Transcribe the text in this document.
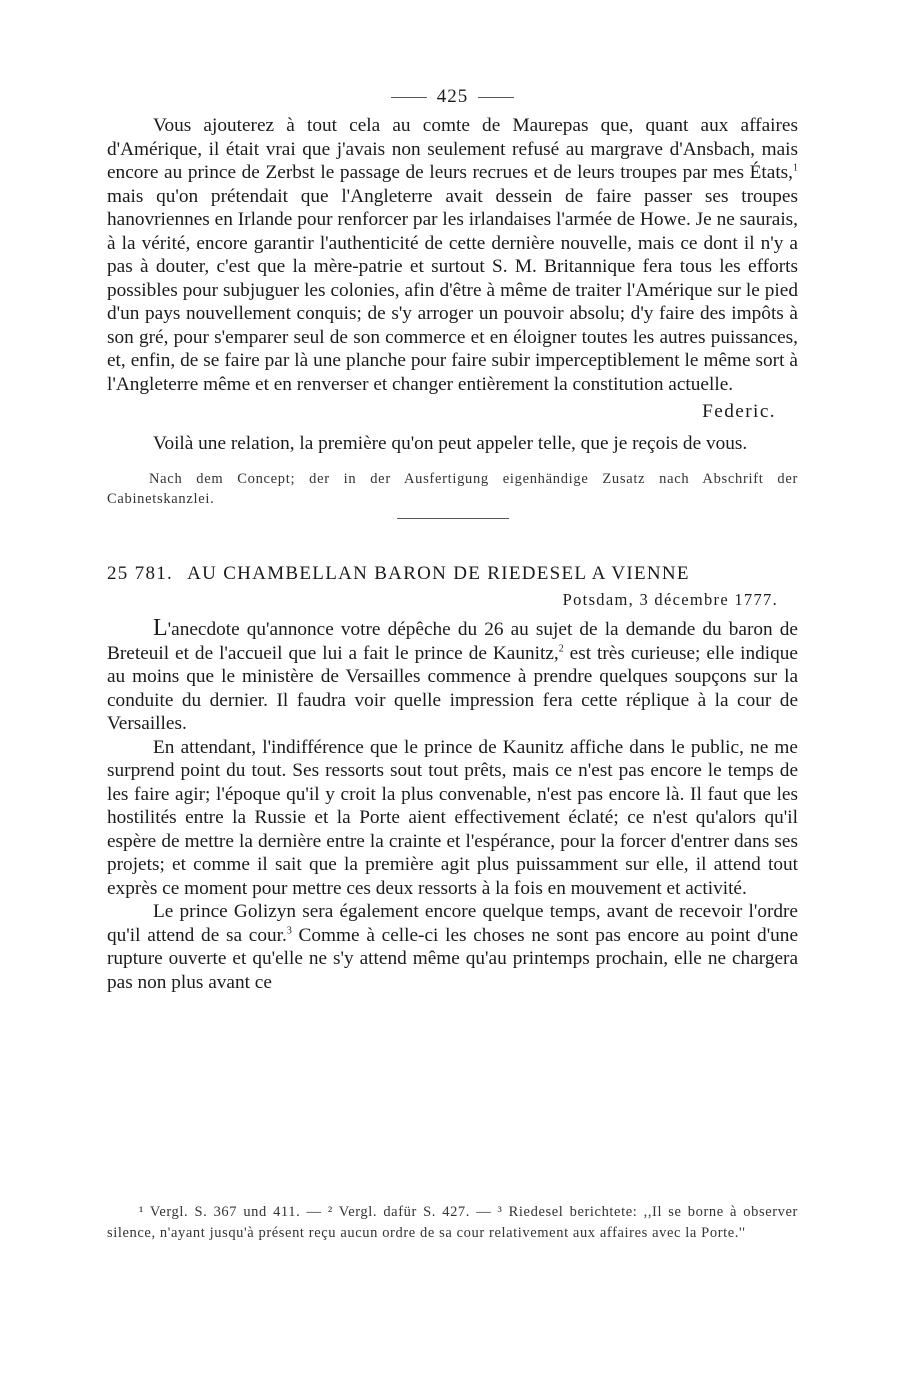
425

Vous ajouterez à tout cela au comte de Maurepas que, quant aux affaires d'Amérique, il était vrai que j'avais non seulement refusé au margrave d'Ansbach, mais encore au prince de Zerbst le passage de leurs recrues et de leurs troupes par mes États,$^1$ mais qu'on prétendait que l'Angleterre avait dessein de faire passer ses troupes hanovriennes en Irlande pour renforcer par les irlandaises l'armée de Howe. Je ne saurais, à la vérité, encore garantir l'authenticité de cette dernière nouvelle, mais ce dont il n'y a pas à douter, c'est que la mère-patrie et surtout S. M. Britannique fera tous les efforts possibles pour subjuguer les colonies, afin d'être à même de traiter l'Amérique sur le pied d'un pays nouvellement conquis; de s'y arroger un pouvoir absolu; d'y faire des impôts à son gré, pour s'emparer seul de son commerce et en éloigner toutes les autres puissances, et, enfin, de se faire par là une planche pour faire subir imperceptiblement le même sort à l'Angleterre même et en renverser et changer entièrement la constitution actuelle.

Federic.

Voilà une relation, la première qu'on peut appeler telle, que je reçois de vous.

Nach dem Concept; der in der Ausfertigung eigenhändige Zusatz nach Abschrift der Cabinetskanzlei.
25 781. AU CHAMBELLAN BARON DE RIEDESEL A VIENNE
Potsdam, 3 décembre 1777.

L'anecdote qu'annonce votre dépêche du 26 au sujet de la demande du baron de Breteuil et de l'accueil que lui a fait le prince de Kaunitz,$^2$ est très curieuse; elle indique au moins que le ministère de Versailles commence à prendre quelques soupçons sur la conduite du dernier. Il faudra voir quelle impression fera cette réplique à la cour de Versailles.

En attendant, l'indifférence que le prince de Kaunitz affiche dans le public, ne me surprend point du tout. Ses ressorts sout tout prêts, mais ce n'est pas encore le temps de les faire agir; l'époque qu'il y croit la plus convenable, n'est pas encore là. Il faut que les hostilités entre la Russie et la Porte aient effectivement éclaté; ce n'est qu'alors qu'il espère de mettre la dernière entre la crainte et l'espérance, pour la forcer d'entrer dans ses projets; et comme il sait que la première agit plus puissamment sur elle, il attend tout exprès ce moment pour mettre ces deux ressorts à la fois en mouvement et activité.

Le prince Golizyn sera également encore quelque temps, avant de recevoir l'ordre qu'il attend de sa cour.$^3$ Comme à celle-ci les choses ne sont pas encore au point d'une rupture ouverte et qu'elle ne s'y attend même qu'au printemps prochain, elle ne chargera pas non plus avant ce

¹ Vergl. S. 367 und 411. — ² Vergl. dafür S. 427. — ³ Riedesel berichtete: ,,Il se borne à observer silence, n'ayant jusqu'à présent reçu aucun ordre de sa cour relativement aux affaires avec la Porte.''
